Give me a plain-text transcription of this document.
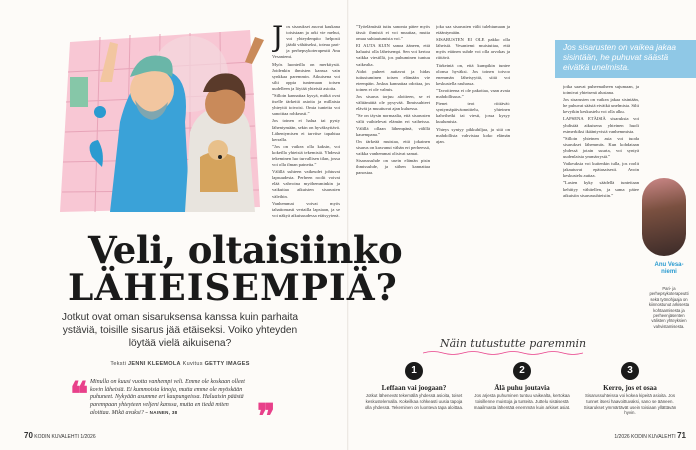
Veli, oltaisiinko
LÄHEISEMPIÄ?
Jotkut ovat oman sisaruksensa kanssa kuin parhaita ystäviä, toisille sisarus jää etäiseksi. Voiko yhteyden löytää vielä aikuisena?
Teksti JENNI KLEEMOLA Kuvitus GETTY IMAGES
❝
❞
Minulla on kuusi vuotta vanhempi veli. Emme ole koskaan olleet kovin läheisiä. Ei kummoisia kinoja, mutta emme ole myöskään puhuneet. Nykyään asumme eri kaupungeissa. Haluaisin päästä parempaan yhteyteen veljeni kanssa, mutta en tiedä miten aloittaa. Mikä avuksi? – NAINEN, 38
70 KODIN KUVALEHTI 1/2026
J os sisarukset asuvat kaukana toisistaan ja arki vie mehut, voi yhteydenpito helposti jäädä vähäiseksi, toteaa pari- ja perhepsykoterapeutti Anu Vesaniemi.

Myös luonteilla on merkitystä. Joidenkin ihmisten kanssa vain synkkaa paremmin. Aikuisena voi silti oppia tuntemaan toisen uudelleen ja löytää yhteisiä asioita.

”Silloin kannattaa kysyä, mitkä ovat itselle tärkeitä asioita ja millaista yhteyttä toivoisi. Omia tunteita voi sanoittaa rohkeasti.”

Jos toinen ei halua tai pysty lähentymään, sekin on hyväksyttävä. Lähentymisen ei tarvitse tapahtua kerralla.

”Jos on vaikea olla kaksin, voi kokeilla yhteisiä tekemisiä. Yhdessä tekeminen luo turvallisen tilan, jossa voi olla ilman paineita.”

Välillä suhteen vaikeudet johtuvat lapsuudesta. Perheen roolit voivat elää vahvoina myöhemminkin ja vaikuttaa aikuisten sisarusten väleihin.

Vanhemmat voivat myös tahattomasti vertailla lapsiaan, ja se voi näkyä aikuisuudessa etäisyytenä.

”Työelämästä tuttu sanonta pätee myös tässä: ihmistä ei voi muuttaa, mutta omaa suhtautumista voi.”

EI AUTA KUIN sanoa ääneen, että haluaisi olla läheisempi. Sen voi kertoa vaikka viestillä, jos puhuminen tuntuu vaikealta.

Aidot puheet auttavat ja hidas tuttustuminen toisen elämään vie eteenpäin. Joskus kannattaa odottaa, jos toinen ei ole valmis.

Jos sisarus torjuu aloitteen, se ei välttämättä ole pysyvää. Ihmissuhteet elävät ja muuttuvat ajan kuluessa.

”Se on täysin normaalia, että sisarusten välit vaihtelevat elämän eri vaiheissa. Välillä ollaan lähempänä, välillä kauempana.”

On tärkeää muistaa, että jokainen sisarus on kasvanut vähän eri perheessä, vaikka vanhemmat olisivat samat.

Sisarussuhde on usein elämän pisin ihmissuhde, ja siihen kannattaa panostaa.

joka saa sisarusten välit tulehtumaan ja etääntymään.

SISARUSTEN EI OLE pakko olla läheisiä. Vesaniemi muistuttaa, että myös etäinen suhde voi olla arvokas ja riittävä.

Tärkeintä on, että kumpikin tuntee olonsa hyväksi. Jos toinen toivoo enemmän läheisyyttä, siitä voi keskustella rauhassa.

”Tavoitteena ei ole pakottaa, vaan avata mahdollisuus.”

Pienet teot riittävät: syntymäpäiväonnittelu, yhteinen kahvihetki tai viesti, jossa kysyy kuulumisia.

Yhteys syntyy pikkuhiljaa, ja sitä on mahdollista vahvistaa koko elämän ajan.

jotka saavat puheenaiheen sujumaan, ja toimivat yhteisenä alustana.

Jos sisarusten on vaikea jakaa sisintään, he puhuvat säästä eivätkä unelmista. Silti kevytkin keskustelu voi olla alku.

LAPSENA ETÄISIÄ sisaruksia voi yhdistää aikuisena yhteinen huoli esimerkiksi ikääntyvistä vanhemmista.

”Silloin yhteinen asia voi tuoda sisarukset lähemmäs. Kun kohdataan yhdessä jotain suurta, voi syntyä uudenlaista ymmärrystä.”

Vaikeuksia voi kuitenkin tulla, jos roolit jakautuvat epätasaisesti. Avoin keskustelu auttaa.

”Lasten kyky säädellä tunteitaan kehittyy vähitellen, ja sama pätee aikuisiin sisarussuhteisiin.”

Jos sisarusten on vaikea jakaa sisintään, he puhuvat säästä eivätkä unelmista.
Anu Vesa-niemi
Pari- ja perhepsykoterapeutti sekä työnohjaaja on kiinnostunut arkisesta kohtaamisesta ja perheenjäsenten välisten yhteyksien vahvistamisesta.
Näin tutustutte paremmin
1
Leffaan vai joogaan?
Jotkut lähenevät tekemällä yhdessä asioita, toiset keskustelemalla. Kokeilkaa rohkeasti uusia tapoja olla yhdessä. Tekeminen on luonteva tapa aloittaa.
2
Älä puhu joutavia
Jos arjesta puhuminen tuntuu vaikealta, kertokaa toisillenne muistoja ja tunteita. Juttelu sisäisestä maailmasta lähentää enemmän kuin arkiset asiat.
3
Kerro, jos et osaa
Sisarussuhteissa voi kokea kipeitä asioita. Jos tunnet itsesi haavoittuvaksi, sano se ääneen. Sisarukset ymmärtävät usein toisiaan yllättävän hyvin.
1/2026 KODIN KUVALEHTI 71
